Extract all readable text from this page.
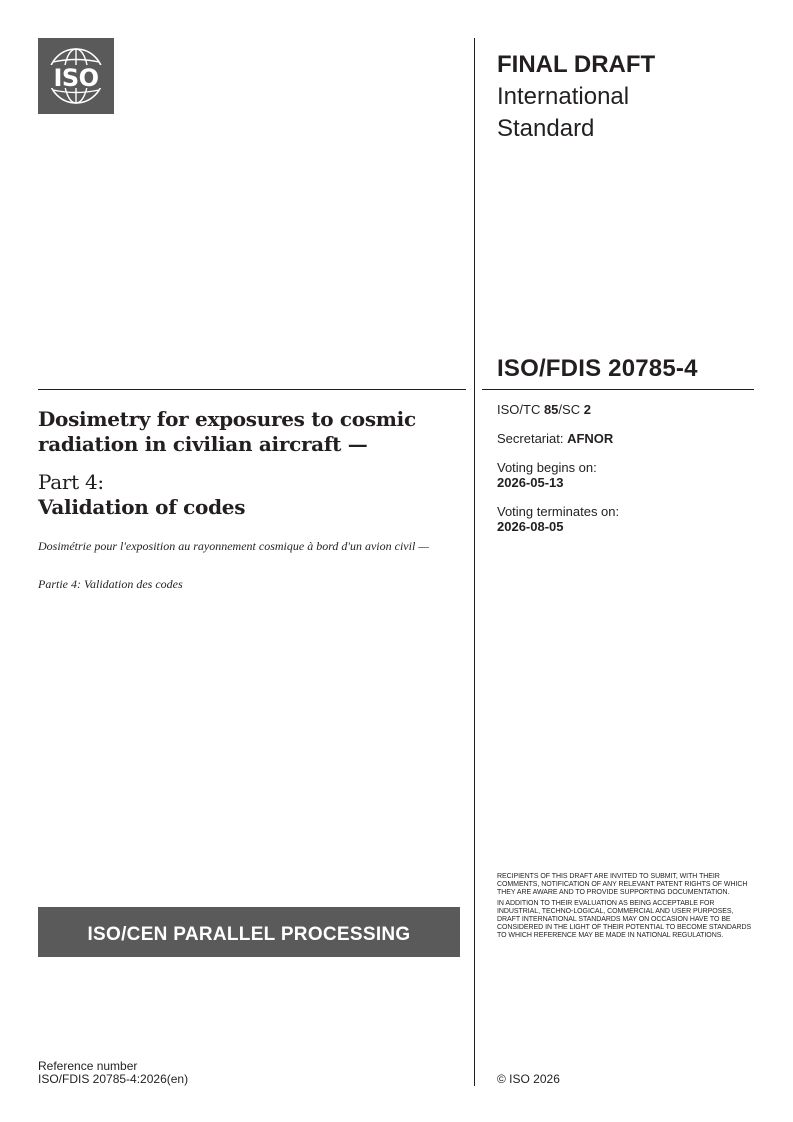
ISO	FINAL DRAFT
International
Standard
ISO/FDIS 20785-4
Dosimetry for exposures to cosmic radiation in civilian aircraft —
Part 4:
Validation of codes
Dosimétrie pour l'exposition au rayonnement cosmique à bord d'un avion civil —
Partie 4: Validation des codes
ISO/TC 85/SC 2
Secretariat: AFNOR
Voting begins on:
2026-05-13
Voting terminates on:
2026-08-05
ISO/CEN PARALLEL PROCESSING

RECIPIENTS OF THIS DRAFT ARE INVITED TO SUBMIT, WITH THEIR COMMENTS, NOTIFICATION OF ANY RELEVANT PATENT RIGHTS OF WHICH THEY ARE AWARE AND TO PROVIDE SUPPORTING DOCUMENTATION.

IN ADDITION TO THEIR EVALUATION AS BEING ACCEPTABLE FOR INDUSTRIAL, TECHNO-LOGICAL, COMMERCIAL AND USER PURPOSES, DRAFT INTERNATIONAL STANDARDS MAY ON OCCASION HAVE TO BE CONSIDERED IN THE LIGHT OF THEIR POTENTIAL TO BECOME STANDARDS TO WHICH REFERENCE MAY BE MADE IN NATIONAL REGULATIONS.

Reference number
ISO/FDIS 20785-4:2026(en)	© ISO 2026
